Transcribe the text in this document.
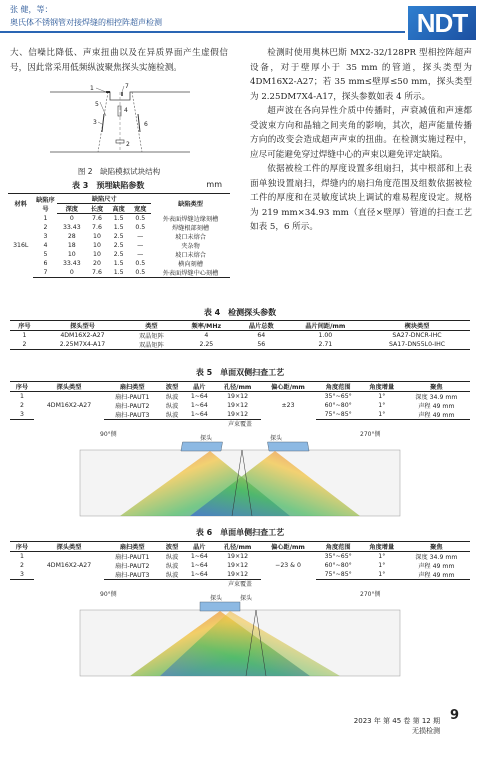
张 健，等：
奥氏体不锈钢管对接焊缝的相控阵超声检测	NDT

大、信噪比降低、声束扭曲以及在异质界面产生虚假信号，因此常采用低频纵波聚焦探头实施检测。

7
1
5
3
4
6
2
图 2　缺陷模拟试块结构
表 3　预埋缺陷参数	mm
材料	缺陷序号	缺陷尺寸				缺陷类型
		深度	长度	高度	宽度	
316L	1	0	7.6	1.5	0.5	外表面焊缝边缘刻槽
	2	33.43	7.6	1.5	0.5	焊缝根部刻槽
	3	28	10	2.5	—	坡口未熔合
	4	18	10	2.5	—	夹杂物
	5	10	10	2.5	—	坡口未熔合
	6	33.43	20	1.5	0.5	横向刻槽
	7	0	7.6	1.5	0.5	外表面焊缝中心刻槽

检测时使用奥林巴斯 MX2-32/128PR 型相控阵超声设备，对于壁厚小于 35 mm 的管道，探头类型为 4DM16X2-A27；若 35 mm≤壁厚≤50 mm，探头类型为 2.25DM7X4-A17，探头参数如表 4 所示。

超声波在各向异性介质中传播时，声衰减值和声速都受波束方向和晶轴之间夹角的影响，其次，超声能量传播方向的改变会造成超声声束的扭曲。在检测实施过程中，应尽可能避免穿过焊缝中心的声束以避免评定缺陷。

依据被检工件的厚度设置多组扇扫，其中根部和上表面单独设置扇扫，焊缝内的扇扫角度范围及组数依据被检工件的厚度和在灵敏度试块上调试的难易程度设定。规格为 219 mm×34.93 mm（直径×壁厚）管道的扫查工艺如表 5，6 所示。

表 4　检测探头参数
序号	探头型号	类型	频率/MHz	晶片总数	晶片间距/mm	楔块类型
1	4DM16X2-A27	双晶矩阵	4	64	1.00	SA27-DNCR-IHC
2	2.25M7X4-A17	双晶矩阵	2.25	56	2.71	SA17-DN55L0-IHC
表 5　单面双侧扫查工艺
序号	探头类型	扇扫类型	波型	晶片	孔径/mm	偏心距/mm	角度范围	角度增量	聚焦
1	4DM16X2-A27	扇扫-PAUT1	纵波	1~64	19×12	±23	35°~65°	1°	深度 34.9 mm
2		扇扫-PAUT2	纵波	1~64	19×12		60°~80°	1°	声程 49 mm
3		扇扫-PAUT3	纵波	1~64	19×12		75°~85°	1°	声程 49 mm
声束覆盖
90°侧	270°侧
探头	探头
表 6　单面单侧扫查工艺
序号	探头类型	扇扫类型	波型	晶片	孔径/mm	偏心距/mm	角度范围	角度增量	聚焦
1	4DM16X2-A27	扇扫-PAUT1	纵波	1~64	19×12	−23 & 0	35°~65°	1°	深度 34.9 mm
2		扇扫-PAUT2	纵波	1~64	19×12		60°~80°	1°	声程 49 mm
3		扇扫-PAUT3	纵波	1~64	19×12		75°~85°	1°	声程 49 mm
声束覆盖
90°侧	270°侧
探头	探头
9
2023 年 第 45 卷 第 12 期
无损检测
